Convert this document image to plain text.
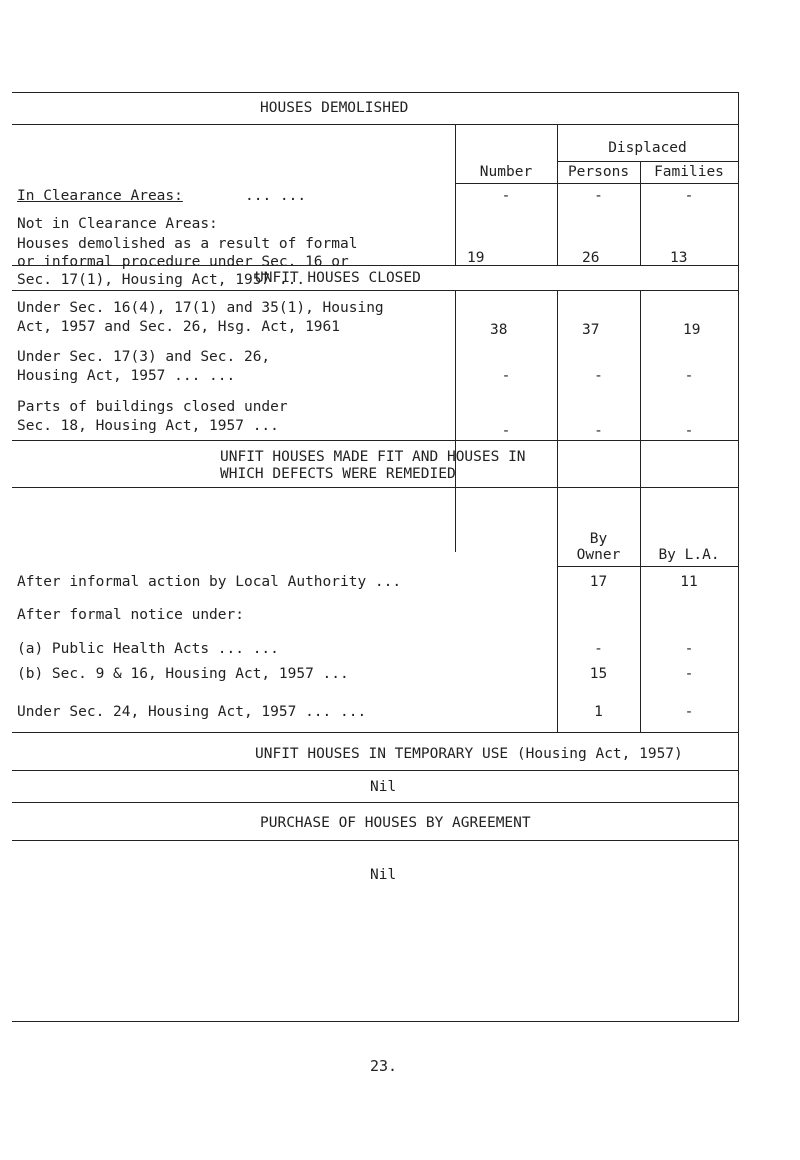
HOUSES DEMOLISHED
Displaced
Number	Persons	Families
In Clearance Areas:	... ...	-	-	-
Not in Clearance Areas:
Houses demolished as a result of formal
or informal procedure under Sec. 16 or
Sec. 17(1), Housing Act, 1957 ...
19	26	13
UNFIT HOUSES CLOSED
Under Sec. 16(4), 17(1) and 35(1), Housing
Act, 1957 and Sec. 26, Hsg. Act, 1961	38	37	19
Under Sec. 17(3) and Sec. 26,
Housing Act, 1957 ... ...	-	-	-
Parts of buildings closed under
Sec. 18, Housing Act, 1957 ...	-	-	-
UNFIT HOUSES MADE FIT AND HOUSES IN
WHICH DEFECTS WERE REMEDIED
By
Owner	By L.A.
After informal action by Local Authority ...	17	11
After formal notice under:
(a) Public Health Acts ... ...	-	-
(b) Sec. 9 & 16, Housing Act, 1957 ...	15	-
Under Sec. 24, Housing Act, 1957 ... ...	1	-
UNFIT HOUSES IN TEMPORARY USE (Housing Act, 1957)
Nil
PURCHASE OF HOUSES BY AGREEMENT
Nil
23.
